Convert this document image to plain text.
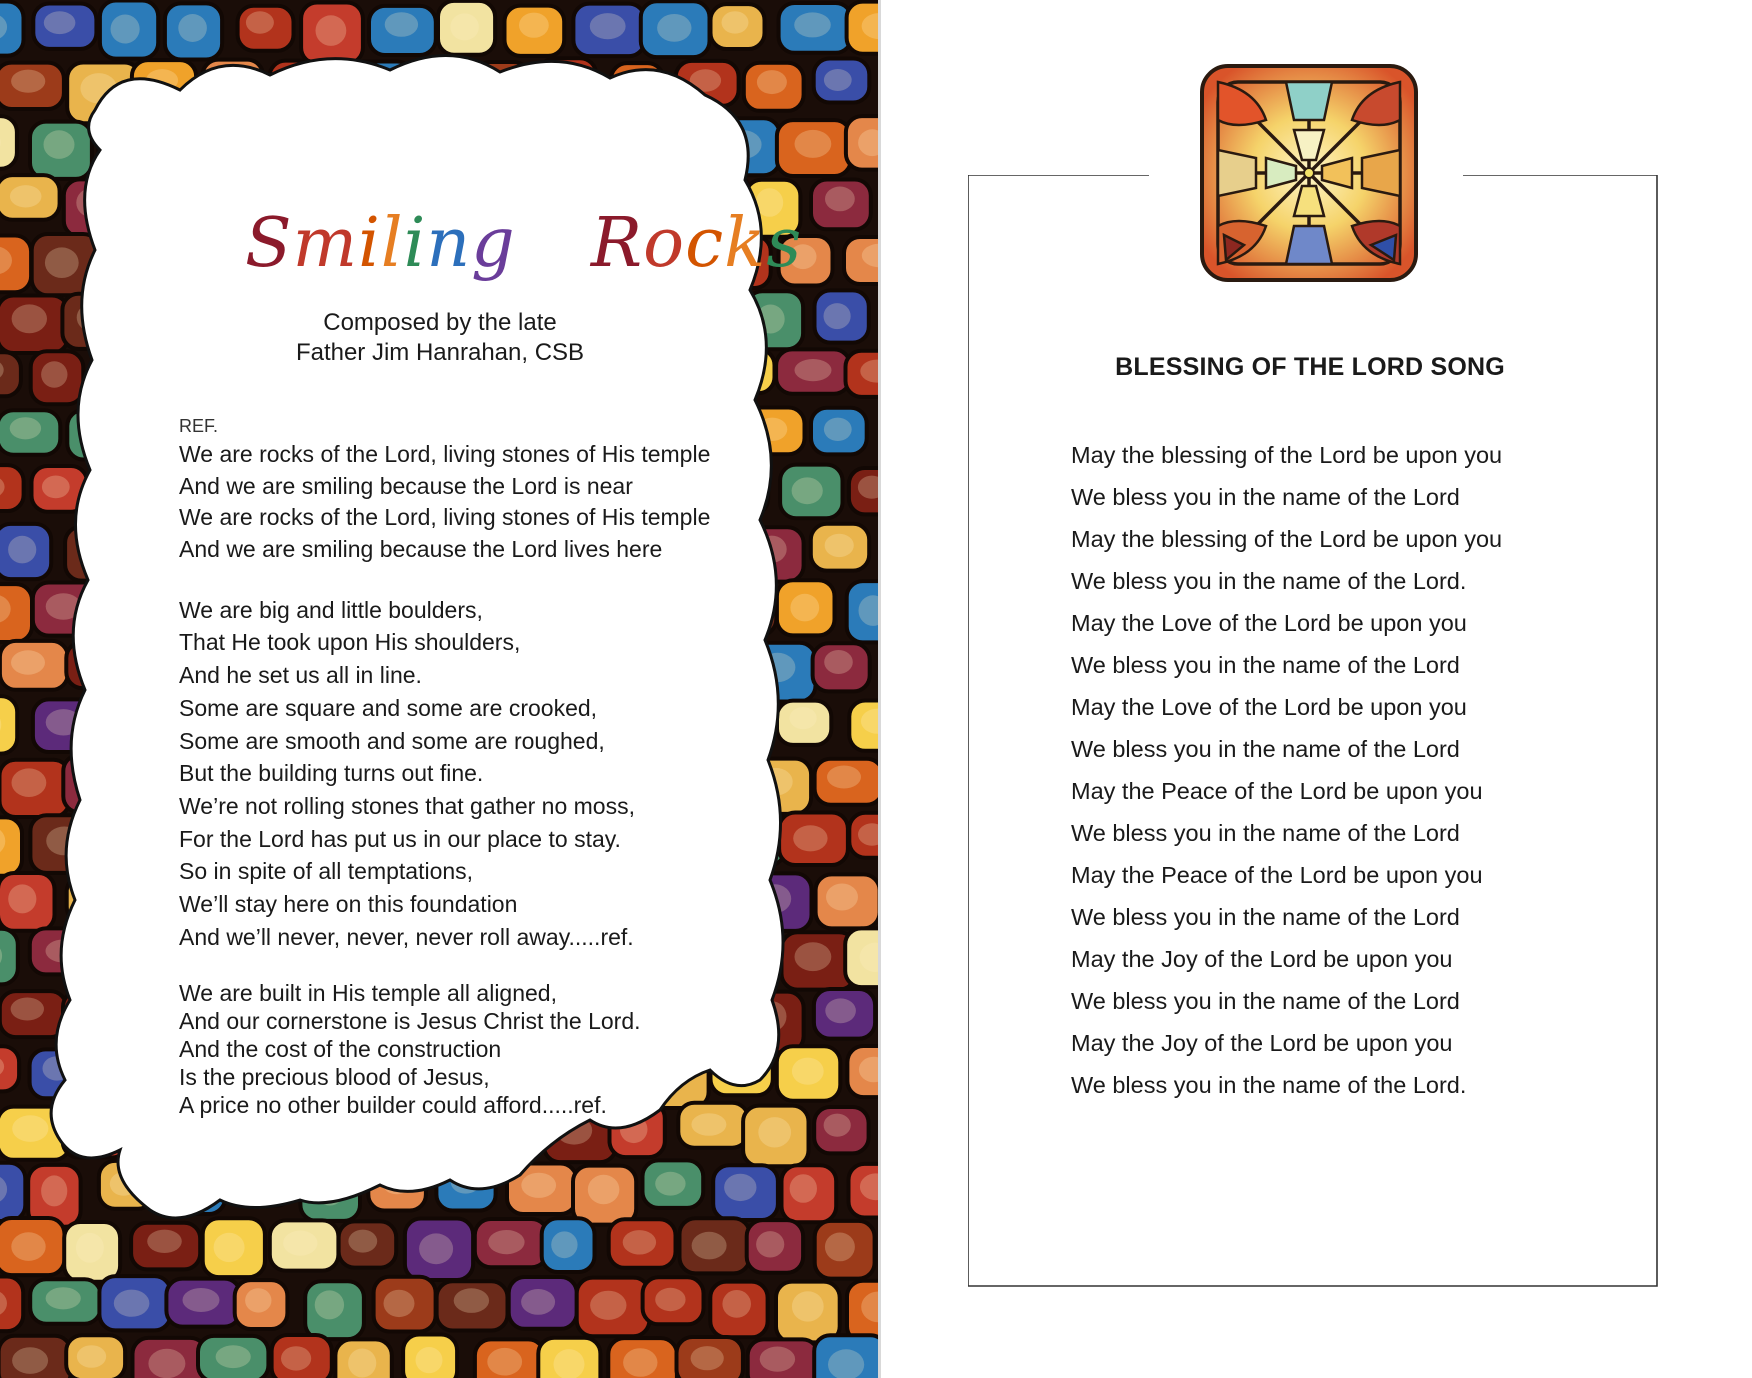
Smiling Rocks
Composed by the late
Father Jim Hanrahan, CSB
REF.
We are rocks of the Lord, living stones of His temple
And we are smiling because the Lord is near
We are rocks of the Lord, living stones of His temple
And we are smiling because the Lord lives here
We are big and little boulders,
That He took upon His shoulders,
And he set us all in line.
Some are square and some are crooked,
Some are smooth and some are roughed,
But the building turns out fine.
We’re not rolling stones that gather no moss,
For the Lord has put us in our place to stay.
So in spite of all temptations,
We’ll stay here on this foundation
And we’ll never, never, never roll away.....ref.
We are built in His temple all aligned,
And our cornerstone is Jesus Christ the Lord.
And the cost of the construction
Is the precious blood of Jesus,
A price no other builder could afford.....ref.
BLESSING OF THE LORD SONG
May the blessing of the Lord be upon you
We bless you in the name of the Lord
May the blessing of the Lord be upon you
We bless you in the name of the Lord.
May the Love of the Lord be upon you
We bless you in the name of the Lord
May the Love of the Lord be upon you
We bless you in the name of the Lord
May the Peace of the Lord be upon you
We bless you in the name of the Lord
May the Peace of the Lord be upon you
We bless you in the name of the Lord
May the Joy of the Lord be upon you
We bless you in the name of the Lord
May the Joy of the Lord be upon you
We bless you in the name of the Lord.
